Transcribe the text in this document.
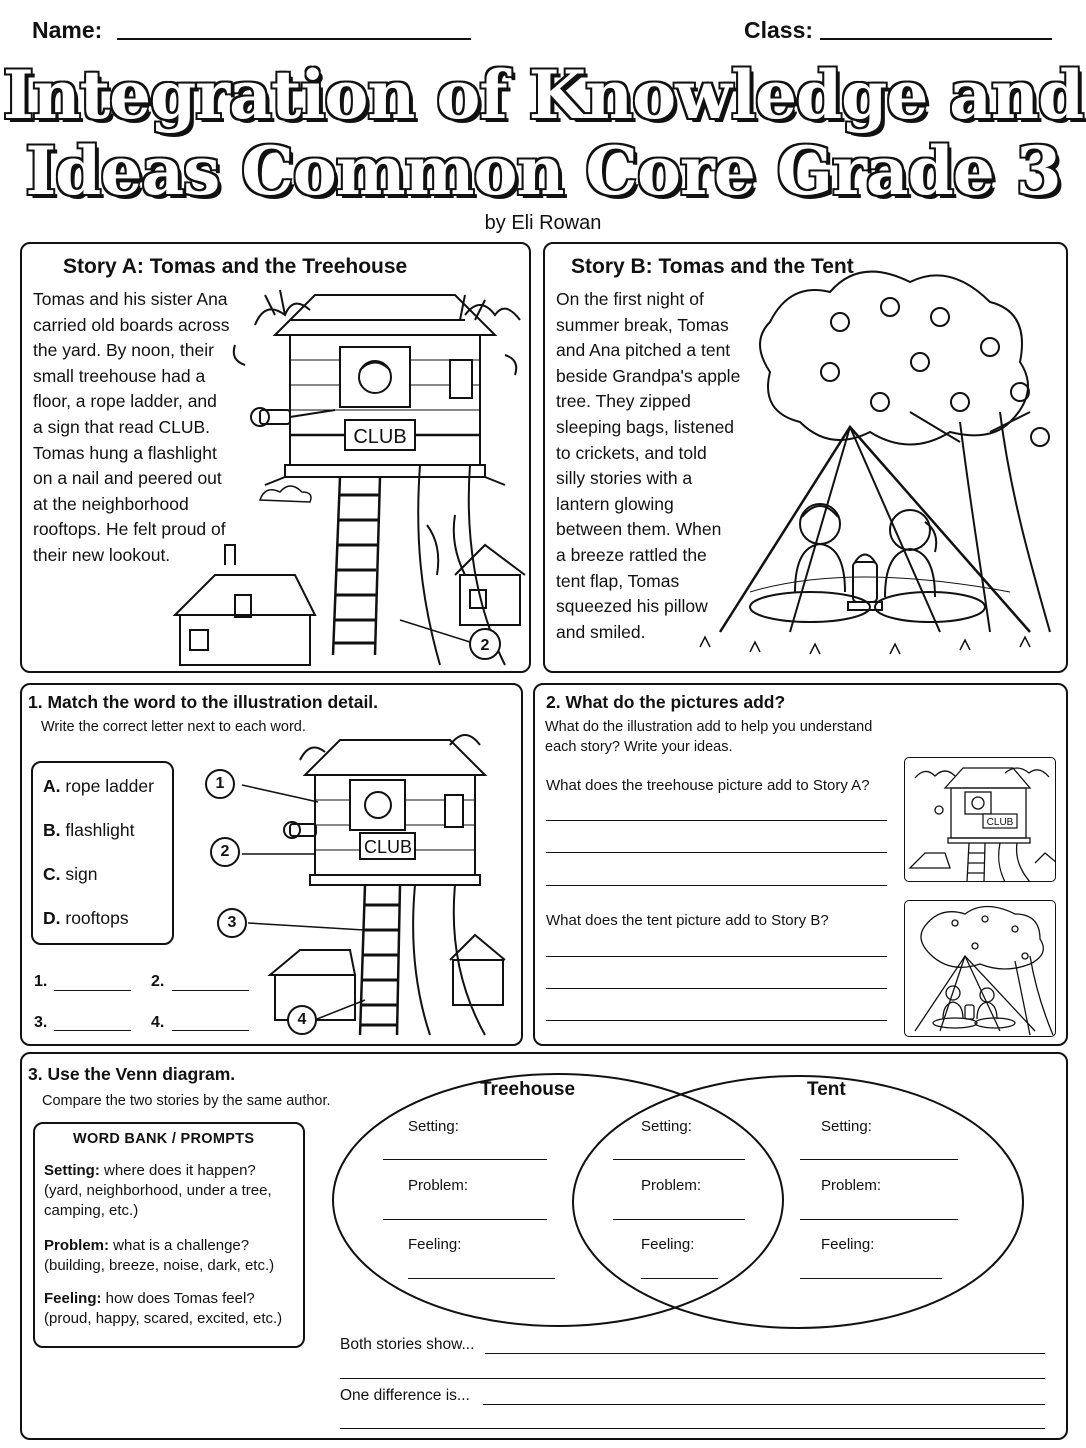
Name:	Class:
Integration of Knowledge and
Ideas Common Core Grade 3
by Eli Rowan
Story A: Tomas and the Treehouse
Tomas and his sister Ana
carried old boards across
the yard. By noon, their
small treehouse had a
floor, a rope ladder, and
a sign that read CLUB.
Tomas hung a flashlight
on a nail and peered out
at the neighborhood
rooftops. He felt proud of
their new lookout.
CLUB
2
Story B: Tomas and the Tent
On the first night of
summer break, Tomas
and Ana pitched a tent
beside Grandpa's apple
tree. They zipped
sleeping bags, listened
to crickets, and told
silly stories with a
lantern glowing
between them. When
a breeze rattled the
tent flap, Tomas
squeezed his pillow
and smiled.
1. Match the word to the illustration detail.
Write the correct letter next to each word.
A. rope ladder
B. flashlight
C. sign
D. rooftops
CLUB
1
2
3
4
1.	2.
3.	4.
2. What do the pictures add?
What do the illustration add to help you understand
each story? Write your ideas.
What does the treehouse picture add to Story A?
What does the tent picture add to Story B?
CLUB
3. Use the Venn diagram.
Compare the two stories by the same author.
WORD BANK / PROMPTS
Setting: where does it happen?
(yard, neighborhood, under a tree,
camping, etc.)
Problem: what is a challenge?
(building, breeze, noise, dark, etc.)
Feeling: how does Tomas feel?
(proud, happy, scared, excited, etc.)
Treehouse	Tent
Setting:
Problem:
Feeling:
Setting:
Problem:
Feeling:
Setting:
Problem:
Feeling:
Both stories show...
One difference is...
